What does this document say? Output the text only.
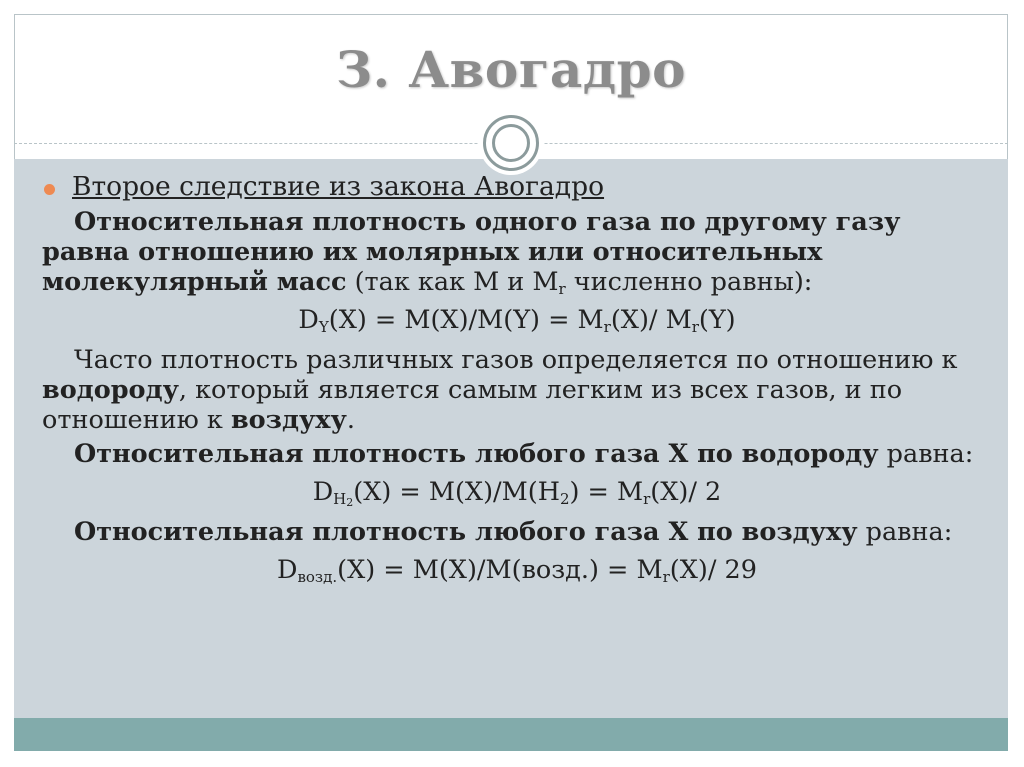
З. Авогадро
Второе следствие из закона Авогадро

Относительная плотность одного газа по другому газу равна отношению их молярных или относительных молекулярный масс (так как M и $M_r$ численно равны):

$D_Y(X) = M(X)/M(Y) = M_r(X)/$ $M_r(Y)$

Часто плотность различных газов определяется по отношению к водороду, который является самым легким из всех газов, и по отношению к воздуху.

Относительная плотность любого газа X по водороду равна:

$D_{H_2}(X) = M(X)/M(H_2) = M_r(X)/$ 2

Относительная плотность любого газа X по воздуху равна:

$D_{возд.}(X)$ = M(X)/M(возд.) = $M_r(X)/$ 29
